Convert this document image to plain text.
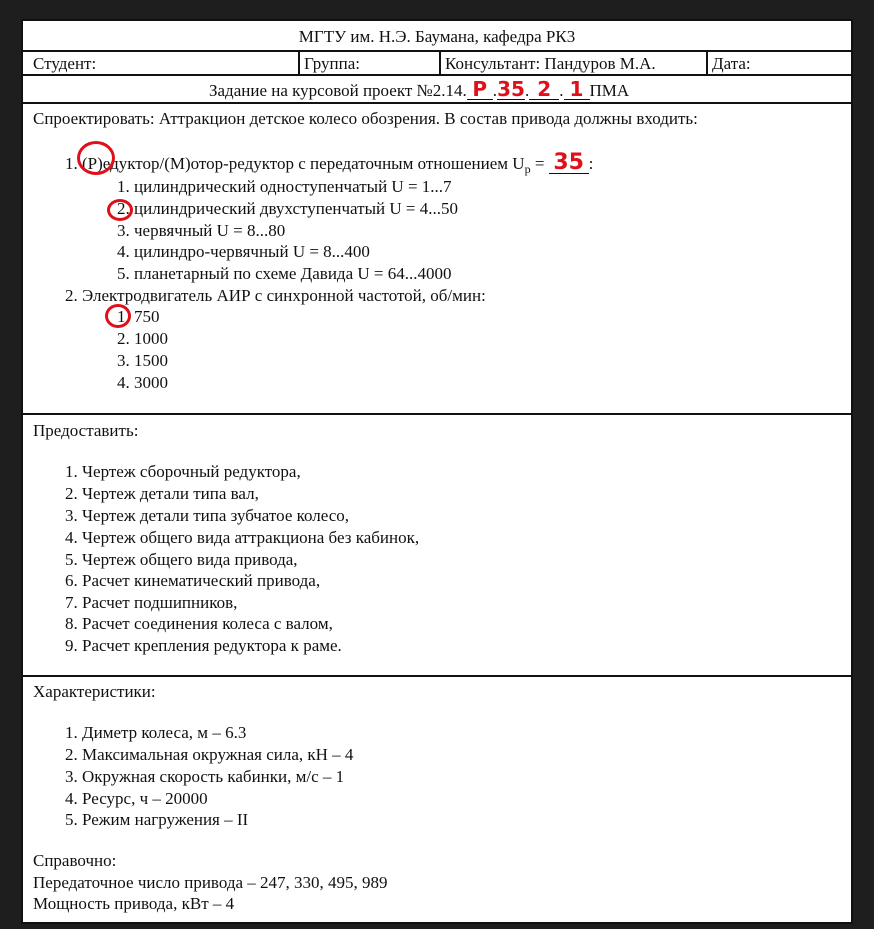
МГТУ им. Н.Э. Баумана, кафедра РК3
Студент:	Группа:	Консультант: Пандуров М.А.	Дата:
Задание на курсовой проект №2.14. Р .35. 2 . 1 ПМА
Спроектировать: Аттракцион детское колесо обозрения. В состав привода должны входить:
1. (Р)едуктор/(М)отор-редуктор с передаточным отношением $U_р = 35$ :
1. цилиндрический одноступенчатый U = 1...7
2. цилиндрический двухступенчатый U = 4...50
3. червячный U = 8...80
4. цилиндро-червячный U = 8...400
5. планетарный по схеме Давида U = 64...4000
2. Электродвигатель АИР с синхронной частотой, об/мин:
1. 750
2. 1000
3. 1500
4. 3000
Предоставить:
1. Чертеж сборочный редуктора,
2. Чертеж детали типа вал,
3. Чертеж детали типа зубчатое колесо,
4. Чертеж общего вида аттракциона без кабинок,
5. Чертеж общего вида привода,
6. Расчет кинематический привода,
7. Расчет подшипников,
8. Расчет соединения колеса с валом,
9. Расчет крепления редуктора к раме.
Характеристики:
1. Диметр колеса, м – 6.3
2. Максимальная окружная сила, кН – 4
3. Окружная скорость кабинки, м/с – 1
4. Ресурс, ч – 20000
5. Режим нагружения – II
Справочно:
Передаточное число привода – 247, 330, 495, 989
Мощность привода, кВт – 4
